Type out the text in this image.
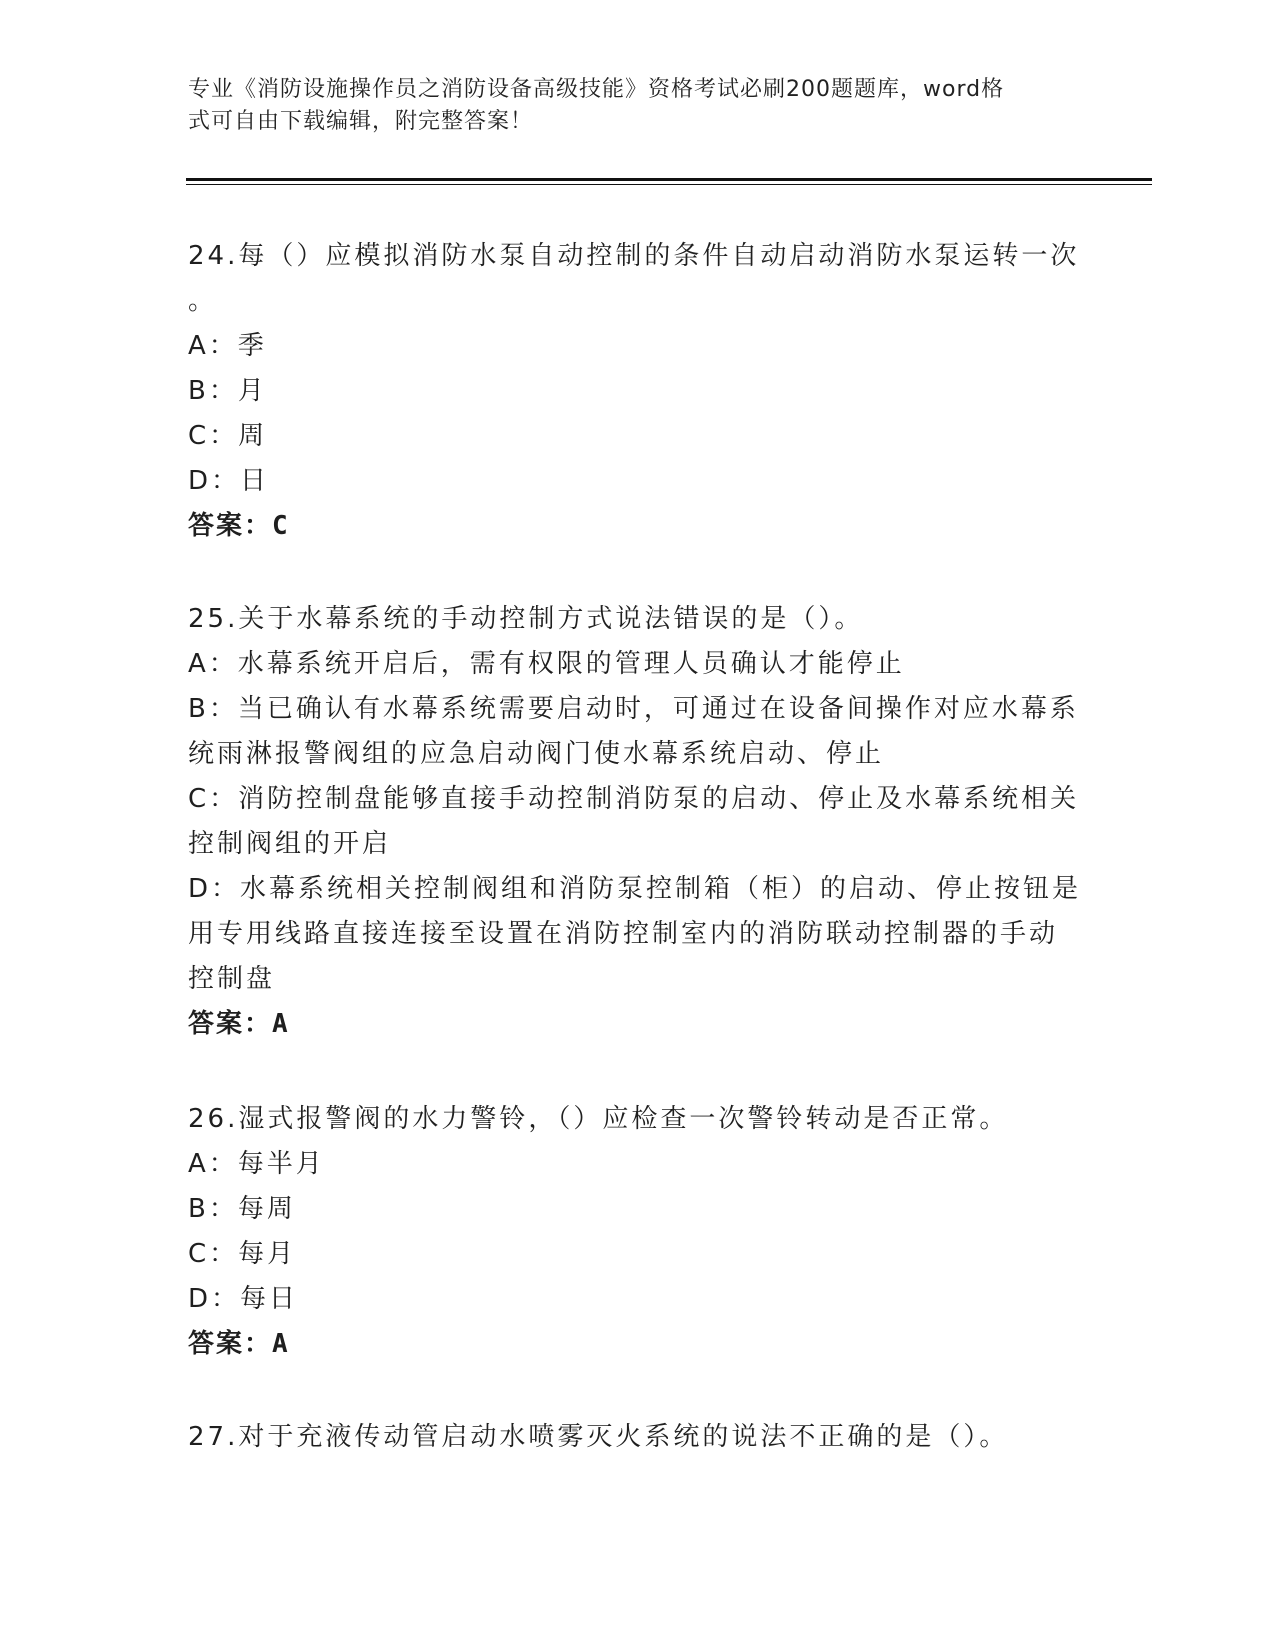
专业《消防设施操作员之消防设备高级技能》资格考试必刷200题题库，word格
式可自由下载编辑，附完整答案！
24.每（）应模拟消防水泵自动控制的条件自动启动消防水泵运转一次
。
A：季
B：月
C：周
D：日
答案：C
25.关于水幕系统的手动控制方式说法错误的是（）。
A：水幕系统开启后，需有权限的管理人员确认才能停止
B：当已确认有水幕系统需要启动时，可通过在设备间操作对应水幕系
统雨淋报警阀组的应急启动阀门使水幕系统启动、停止
C：消防控制盘能够直接手动控制消防泵的启动、停止及水幕系统相关
控制阀组的开启
D：水幕系统相关控制阀组和消防泵控制箱（柜）的启动、停止按钮是
用专用线路直接连接至设置在消防控制室内的消防联动控制器的手动
控制盘
答案：A
26.湿式报警阀的水力警铃，（）应检查一次警铃转动是否正常。
A：每半月
B：每周
C：每月
D：每日
答案：A
27.对于充液传动管启动水喷雾灭火系统的说法不正确的是（）。
